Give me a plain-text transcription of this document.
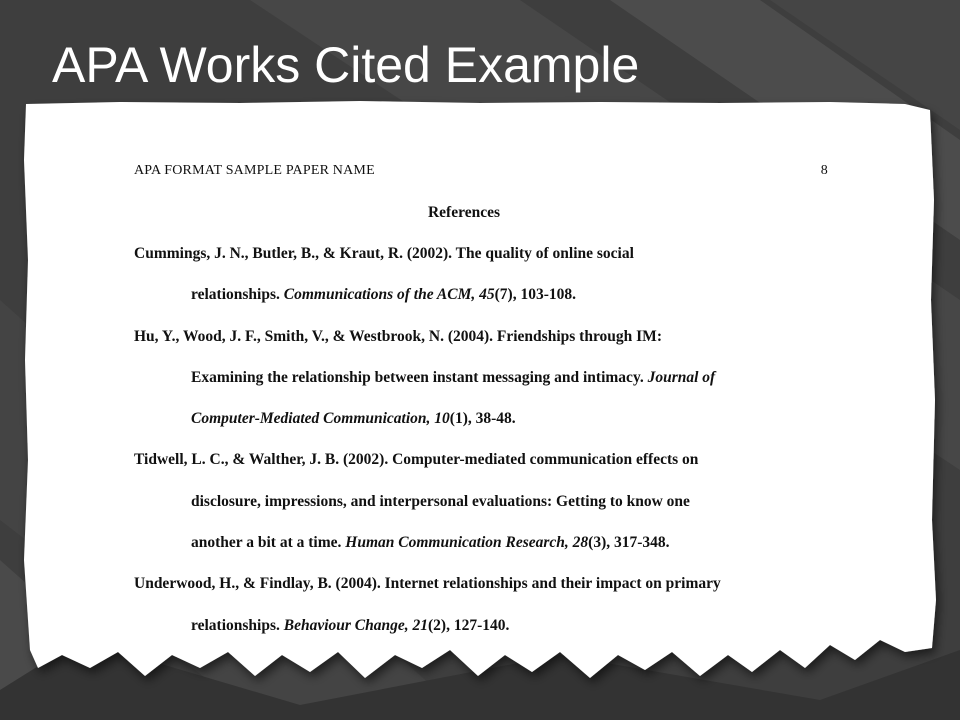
APA Works Cited Example
APA FORMAT SAMPLE PAPER NAME	8
References
Cummings, J. N., Butler, B., & Kraut, R. (2002). The quality of online social
relationships. Communications of the ACM, 45(7), 103-108.
Hu, Y., Wood, J. F., Smith, V., & Westbrook, N. (2004). Friendships through IM:
Examining the relationship between instant messaging and intimacy. Journal of
Computer-Mediated Communication, 10(1), 38-48.
Tidwell, L. C., & Walther, J. B. (2002). Computer-mediated communication effects on
disclosure, impressions, and interpersonal evaluations: Getting to know one
another a bit at a time. Human Communication Research, 28(3), 317-348.
Underwood, H., & Findlay, B. (2004). Internet relationships and their impact on primary
relationships. Behaviour Change, 21(2), 127-140.
